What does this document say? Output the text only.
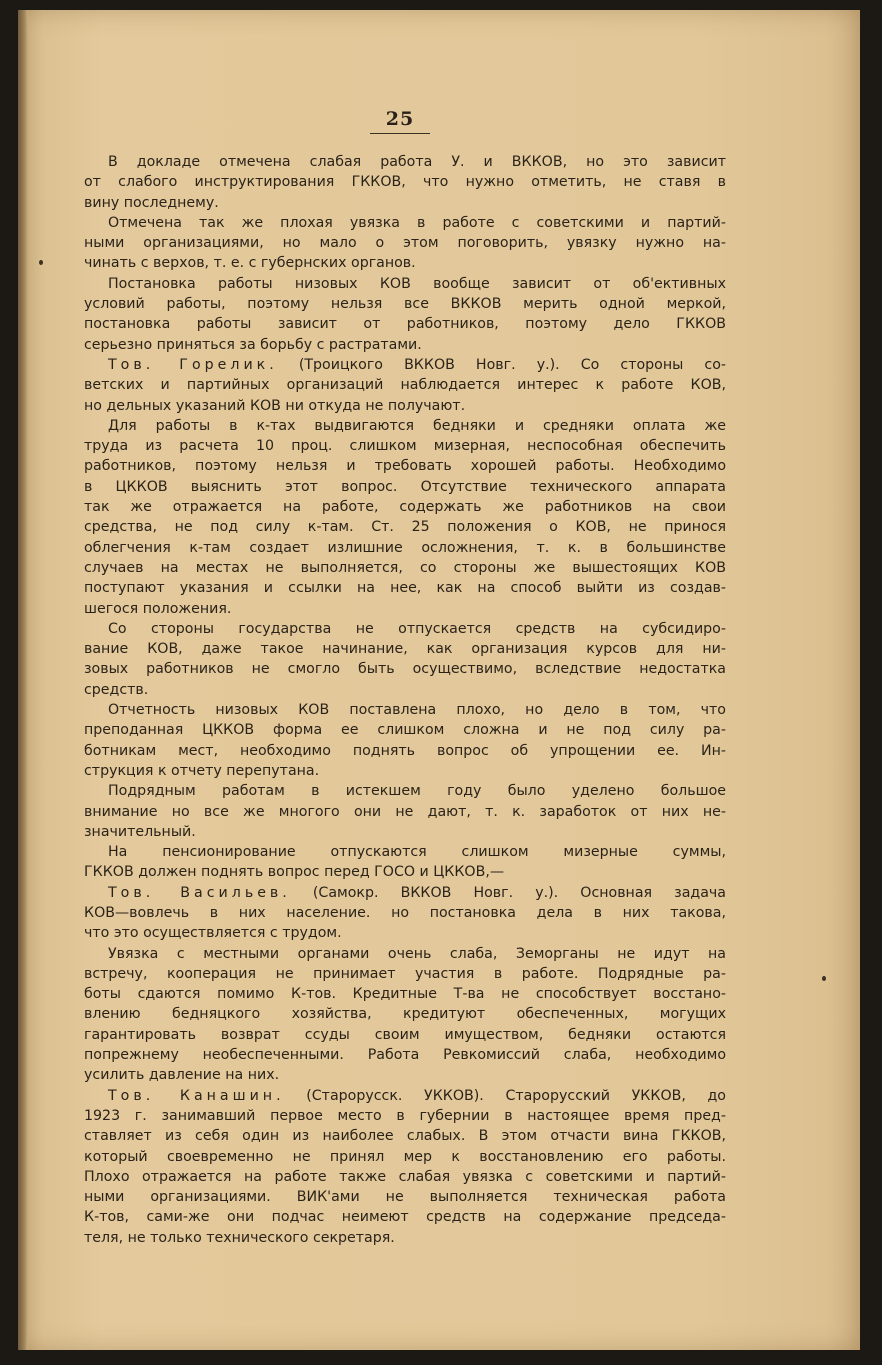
25
В докладе отмечена слабая работа У. и ВККОВ, но это зависит
от слабого инструктирования ГККОВ, что нужно отметить, не ставя в
вину последнему.
Отмечена так же плохая увязка в работе с советскими и партий-
ными организациями, но мало о этом поговорить, увязку нужно на-
чинать с верхов, т. е. с губернских органов.
Постановка работы низовых КОВ вообще зависит от об'ективных
условий работы, поэтому нельзя все ВККОВ мерить одной меркой,
постановка работы зависит от работников, поэтому дело ГККОВ
серьезно приняться за борьбу с растратами.
Тов. Горелик. (Троицкого ВККОВ Новг. у.). Со стороны со-
ветских и партийных организаций наблюдается интерес к работе КОВ,
но дельных указаний КОВ ни откуда не получают.
Для работы в к-тах выдвигаются бедняки и средняки оплата же
труда из расчета 10 проц. слишком мизерная, неспособная обеспечить
работников, поэтому нельзя и требовать хорошей работы. Необходимо
в ЦККОВ выяснить этот вопрос. Отсутствие технического аппарата
так же отражается на работе, содержать же работников на свои
средства, не под силу к-там. Ст. 25 положения о КОВ, не принося
облегчения к-там создает излишние осложнения, т. к. в большинстве
случаев на местах не выполняется, со стороны же вышестоящих КОВ
поступают указания и ссылки на нее, как на способ выйти из создав-
шегося положения.
Со стороны государства не отпускается средств на субсидиро-
вание КОВ, даже такое начинание, как организация курсов для ни-
зовых работников не смогло быть осуществимо, вследствие недостатка
средств.
Отчетность низовых КОВ поставлена плохо, но дело в том, что
преподанная ЦККОВ форма ее слишком сложна и не под силу ра-
ботникам мест, необходимо поднять вопрос об упрощении ее. Ин-
струкция к отчету перепутана.
Подрядным работам в истекшем году было уделено большое
внимание но все же многого они не дают, т. к. заработок от них не-
значительный.
На пенсионирование отпускаются слишком мизерные суммы,
ГККОВ должен поднять вопрос перед ГОСО и ЦККОВ,—
Тов. Васильев. (Самокр. ВККОВ Новг. у.). Основная задача
КОВ—вовлечь в них население. но постановка дела в них такова,
что это осуществляется с трудом.
Увязка с местными органами очень слаба, Земорганы не идут на
встречу, кооперация не принимает участия в работе. Подрядные ра-
боты сдаются помимо К-тов. Кредитные Т-ва не способствует восстано-
влению бедняцкого хозяйства, кредитуют обеспеченных, могущих
гарантировать возврат ссуды своим имуществом, бедняки остаются
попрежнему необеспеченными. Работа Ревкомиссий слаба, необходимо
усилить давление на них.
Тов. Канашин. (Старорусск. УККОВ). Старорусский УККОВ, до
1923 г. занимавший первое место в губернии в настоящее время пред-
ставляет из себя один из наиболее слабых. В этом отчасти вина ГККОВ,
который своевременно не принял мер к восстановлению его работы.
Плохо отражается на работе также слабая увязка с советскими и партий-
ными организациями. ВИК'ами не выполняется техническая работа
К-тов, сами-же они подчас неимеют средств на содержание председа-
теля, не только технического секретаря.
